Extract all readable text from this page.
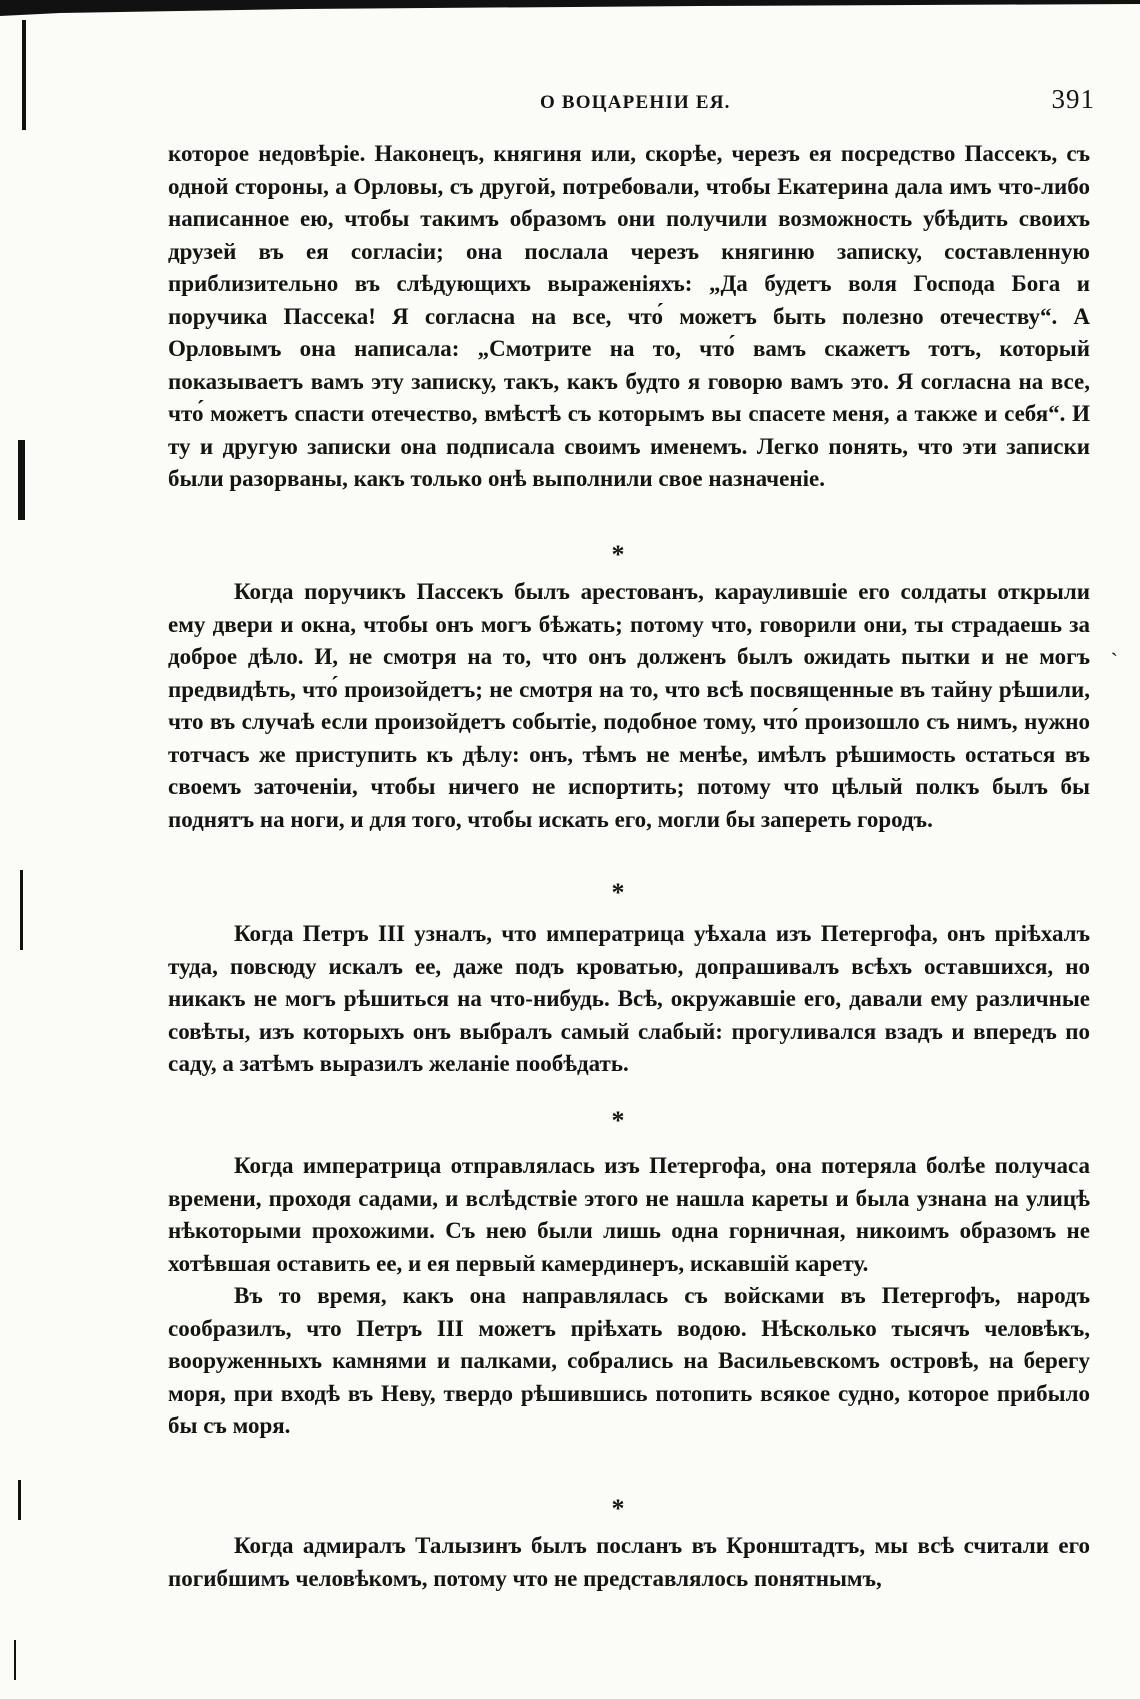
О ВОЦАРЕНІИ ЕЯ.	391

которое недовѣріе. Наконецъ, княгиня или, скорѣе, черезъ ея посредство Пассекъ, съ одной стороны, а Орловы, съ другой, потребовали, чтобы Екатерина дала имъ что-либо написанное ею, чтобы такимъ образомъ они получили возможность убѣдить своихъ друзей въ ея согласіи; она послала черезъ княгиню записку, составленную приблизительно въ слѣдующихъ выраженіяхъ: „Да будетъ воля Господа Бога и поручика Пассека! Я согласна на все, что́ можетъ быть полезно отечеству“. А Орловымъ она написала: „Смотрите на то, что́ вамъ скажетъ тотъ, который показываетъ вамъ эту записку, такъ, какъ будто я говорю вамъ это. Я согласна на все, что́ можетъ спасти отечество, вмѣстѣ съ которымъ вы спасете меня, а также и себя“. И ту и другую записки она подписала своимъ именемъ. Легко понять, что эти записки были разорваны, какъ только онѣ выполнили свое назначеніе.

*

Когда поручикъ Пассекъ былъ арестованъ, караулившіе его солдаты открыли ему двери и окна, чтобы онъ могъ бѣжать; потому что, говорили они, ты страдаешь за доброе дѣло. И, не смотря на то, что онъ долженъ былъ ожидать пытки и не могъ предвидѣть, что́ произойдетъ; не смотря на то, что всѣ посвященные въ тайну рѣшили, что въ случаѣ если произойдетъ событіе, подобное тому, что́ произошло съ нимъ, нужно тотчасъ же приступить къ дѣлу: онъ, тѣмъ не менѣе, имѣлъ рѣшимость остаться въ своемъ заточеніи, чтобы ничего не испортить; потому что цѣлый полкъ былъ бы поднятъ на ноги, и для того, чтобы искать его, могли бы запереть городъ.

`
*

Когда Петръ III узналъ, что императрица уѣхала изъ Петергофа, онъ пріѣхалъ туда, повсюду искалъ ее, даже подъ кроватью, допрашивалъ всѣхъ оставшихся, но никакъ не могъ рѣшиться на что-нибудь. Всѣ, окружавшіе его, давали ему различные совѣты, изъ которыхъ онъ выбралъ самый слабый: прогуливался взадъ и впередъ по саду, а затѣмъ выразилъ желаніе пообѣдать.

*

Когда императрица отправлялась изъ Петергофа, она потеряла болѣе получаса времени, проходя садами, и вслѣдствіе этого не нашла кареты и была узнана на улицѣ нѣкоторыми прохожими. Съ нею были лишь одна горничная, никоимъ образомъ не хотѣвшая оставить ее, и ея первый камердинеръ, искавшій карету.

Въ то время, какъ она направлялась съ войсками въ Петергофъ, народъ сообразилъ, что Петръ III можетъ пріѣхать водою. Нѣсколько тысячъ человѣкъ, вооруженныхъ камнями и палками, собрались на Васильевскомъ островѣ, на берегу моря, при входѣ въ Неву, твердо рѣшившись потопить всякое судно, которое прибыло бы съ моря.

*

Когда адмиралъ Талызинъ былъ посланъ въ Кронштадтъ, мы всѣ считали его погибшимъ человѣкомъ, потому что не представлялось понятнымъ,
